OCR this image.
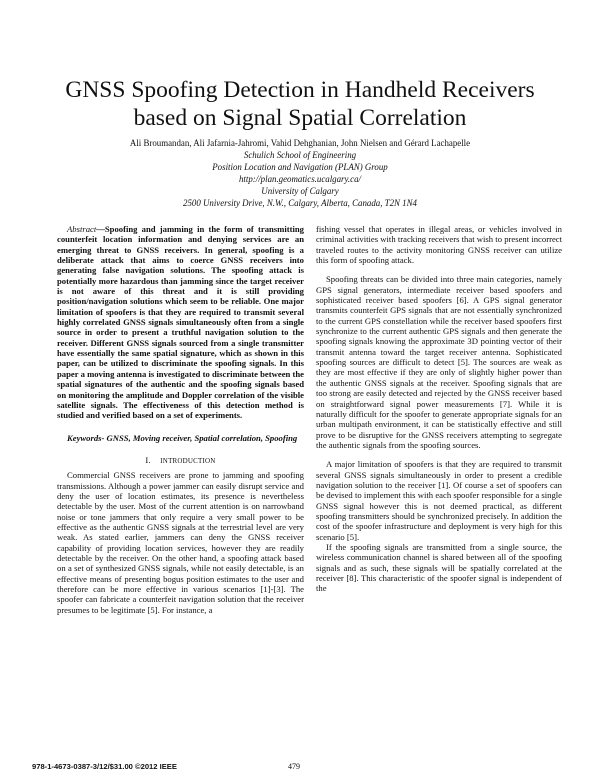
GNSS Spoofing Detection in Handheld Receivers based on Signal Spatial Correlation
Ali Broumandan, Ali Jafarnia-Jahromi, Vahid Dehghanian, John Nielsen and Gérard Lachapelle
Schulich School of Engineering
Position Location and Navigation (PLAN) Group
http://plan.geomatics.ucalgary.ca/
University of Calgary
2500 University Drive, N.W., Calgary, Alberta, Canada, T2N 1N4

Abstract—Spoofing and jamming in the form of transmitting counterfeit location information and denying services are an emerging threat to GNSS receivers. In general, spoofing is a deliberate attack that aims to coerce GNSS receivers into generating false navigation solutions. The spoofing attack is potentially more hazardous than jamming since the target receiver is not aware of this threat and it is still providing position/navigation solutions which seem to be reliable. One major limitation of spoofers is that they are required to transmit several highly correlated GNSS signals simultaneously often from a single source in order to present a truthful navigation solution to the receiver. Different GNSS signals sourced from a single transmitter have essentially the same spatial signature, which as shown in this paper, can be utilized to discriminate the spoofing signals. In this paper a moving antenna is investigated to discriminate between the spatial signatures of the authentic and the spoofing signals based on monitoring the amplitude and Doppler correlation of the visible satellite signals. The effectiveness of this detection method is studied and verified based on a set of experiments.

Keywords- GNSS, Moving receiver, Spatial correlation, Spoofing

I. INTRODUCTION

Commercial GNSS receivers are prone to jamming and spoofing transmissions. Although a power jammer can easily disrupt service and deny the user of location estimates, its presence is nevertheless detectable by the user. Most of the current attention is on narrowband noise or tone jammers that only require a very small power to be effective as the authentic GNSS signals at the terrestrial level are very weak. As stated earlier, jammers can deny the GNSS receiver capability of providing location services, however they are readily detectable by the receiver. On the other hand, a spoofing attack based on a set of synthesized GNSS signals, while not easily detectable, is an effective means of presenting bogus position estimates to the user and therefore can be more effective in various scenarios [1]-[3]. The spoofer can fabricate a counterfeit navigation solution that the receiver presumes to be legitimate [5]. For instance, a

fishing vessel that operates in illegal areas, or vehicles involved in criminal activities with tracking receivers that wish to present incorrect traveled routes to the activity monitoring GNSS receiver can utilize this form of spoofing attack.

Spoofing threats can be divided into three main categories, namely GPS signal generators, intermediate receiver based spoofers and sophisticated receiver based spoofers [6]. A GPS signal generator transmits counterfeit GPS signals that are not essentially synchronized to the current GPS constellation while the receiver based spoofers first synchronize to the current authentic GPS signals and then generate the spoofing signals knowing the approximate 3D pointing vector of their transmit antenna toward the target receiver antenna. Sophisticated spoofing sources are difficult to detect [5]. The sources are weak as they are most effective if they are only of slightly higher power than the authentic GNSS signals at the receiver. Spoofing signals that are too strong are easily detected and rejected by the GNSS receiver based on straightforward signal power measurements [7]. While it is naturally difficult for the spoofer to generate appropriate signals for an urban multipath environment, it can be statistically effective and still prove to be disruptive for the GNSS receivers attempting to segregate the authentic signals from the spoofing sources.

A major limitation of spoofers is that they are required to transmit several GNSS signals simultaneously in order to present a credible navigation solution to the receiver [1]. Of course a set of spoofers can be devised to implement this with each spoofer responsible for a single GNSS signal however this is not deemed practical, as different spoofing transmitters should be synchronized precisely. In addition the cost of the spoofer infrastructure and deployment is very high for this scenario [5].

If the spoofing signals are transmitted from a single source, the wireless communication channel is shared between all of the spoofing signals and as such, these signals will be spatially correlated at the receiver [8]. This characteristic of the spoofer signal is independent of the

978-1-4673-0387-3/12/$31.00 ©2012 IEEE	479
